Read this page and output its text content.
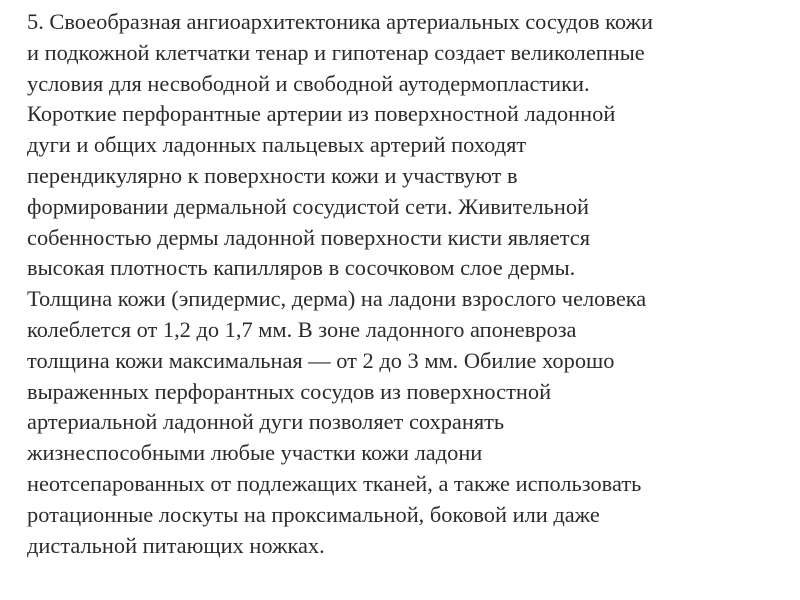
5. Своеобразная ангиоархитектоника артериальных сосудов кожи
и подкожной клетчатки тенар и гипотенар создает великолепные
условия для несвободной и свободной аутодермопластики.
Короткие перфорантные артерии из поверхностной ладонной
дуги и общих ладонных пальцевых артерий походят
перендикулярно к поверхности кожи и участвуют в
формировании дермальной сосудистой сети. Живительной
собенностью дермы ладонной поверхности кисти является
высокая плотность капилляров в сосочковом слое дермы.
Толщина кожи (эпидермис, дерма) на ладони взрослого человека
колеблется от 1,2 до 1,7 мм. В зоне ладонного апоневроза
толщина кожи максимальная — от 2 до 3 мм. Обилие хорошо
выраженных перфорантных сосудов из поверхностной
артериальной ладонной дуги позволяет сохранять
жизнеспособными любые участки кожи ладони
неотсепарованных от подлежащих тканей, а также использовать
ротационные лоскуты на проксимальной, боковой или даже
дистальной питающих ножках.
